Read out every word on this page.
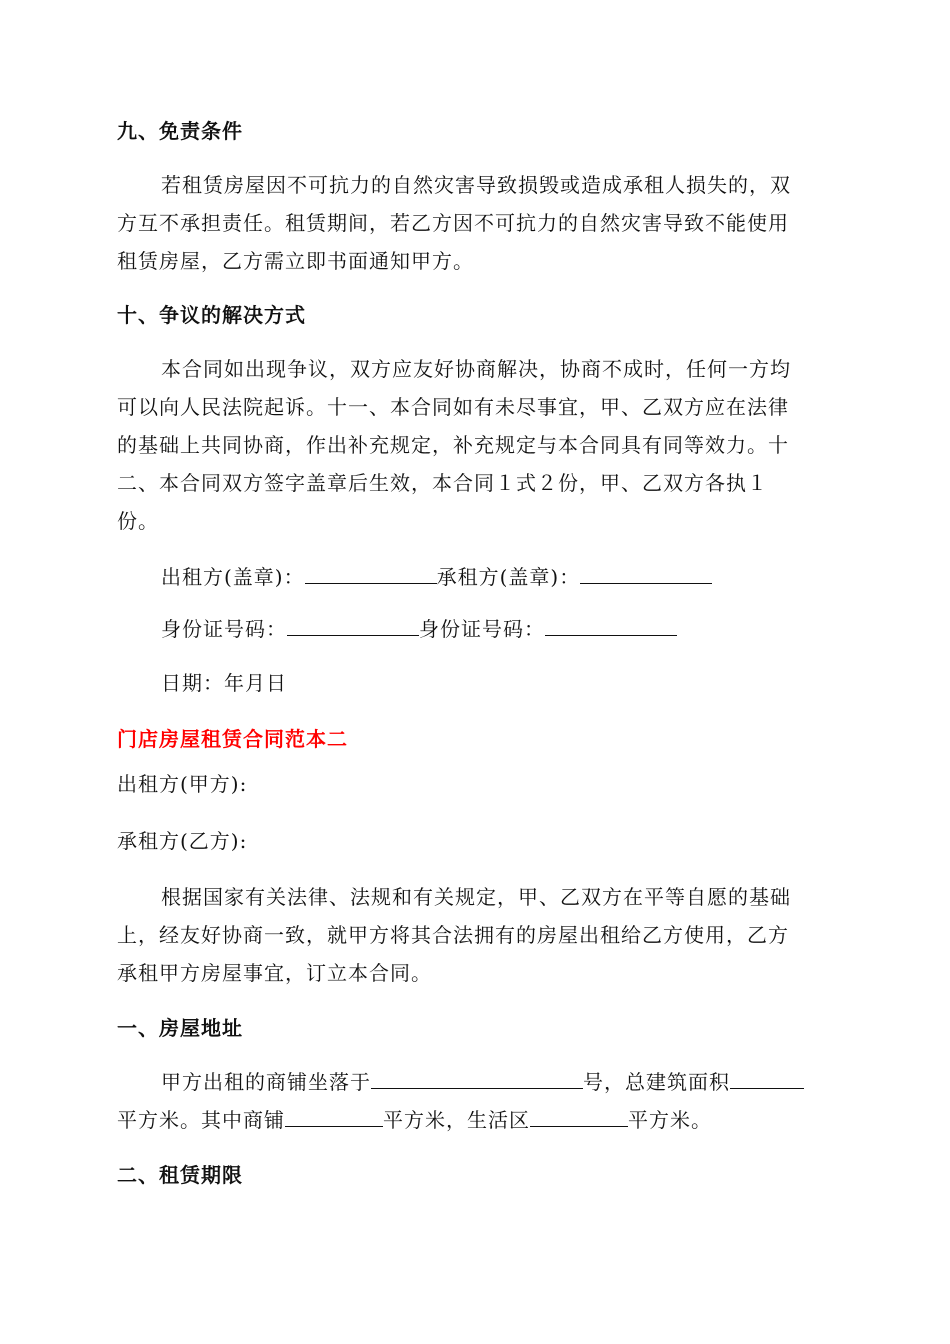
九、免责条件
若租赁房屋因不可抗力的自然灾害导致损毁或造成承租人损失的，双
方互不承担责任。租赁期间，若乙方因不可抗力的自然灾害导致不能使用
租赁房屋，乙方需立即书面通知甲方。
十、争议的解决方式
本合同如出现争议，双方应友好协商解决，协商不成时，任何一方均
可以向人民法院起诉。十一、本合同如有未尽事宜，甲、乙双方应在法律
的基础上共同协商，作出补充规定，补充规定与本合同具有同等效力。十
二、本合同双方签字盖章后生效，本合同１式２份，甲、乙双方各执１
份。
出租方(盖章)：	承租方(盖章)：
身份证号码：	身份证号码：
日期：年月日
门店房屋租赁合同范本二
出租方(甲方):
承租方(乙方):
根据国家有关法律、法规和有关规定，甲、乙双方在平等自愿的基础
上，经友好协商一致，就甲方将其合法拥有的房屋出租给乙方使用，乙方
承租甲方房屋事宜，订立本合同。
一、房屋地址
甲方出租的商铺坐落于	号，总建筑面积
平方米。其中商铺	平方米，生活区	平方米。
二、租赁期限
